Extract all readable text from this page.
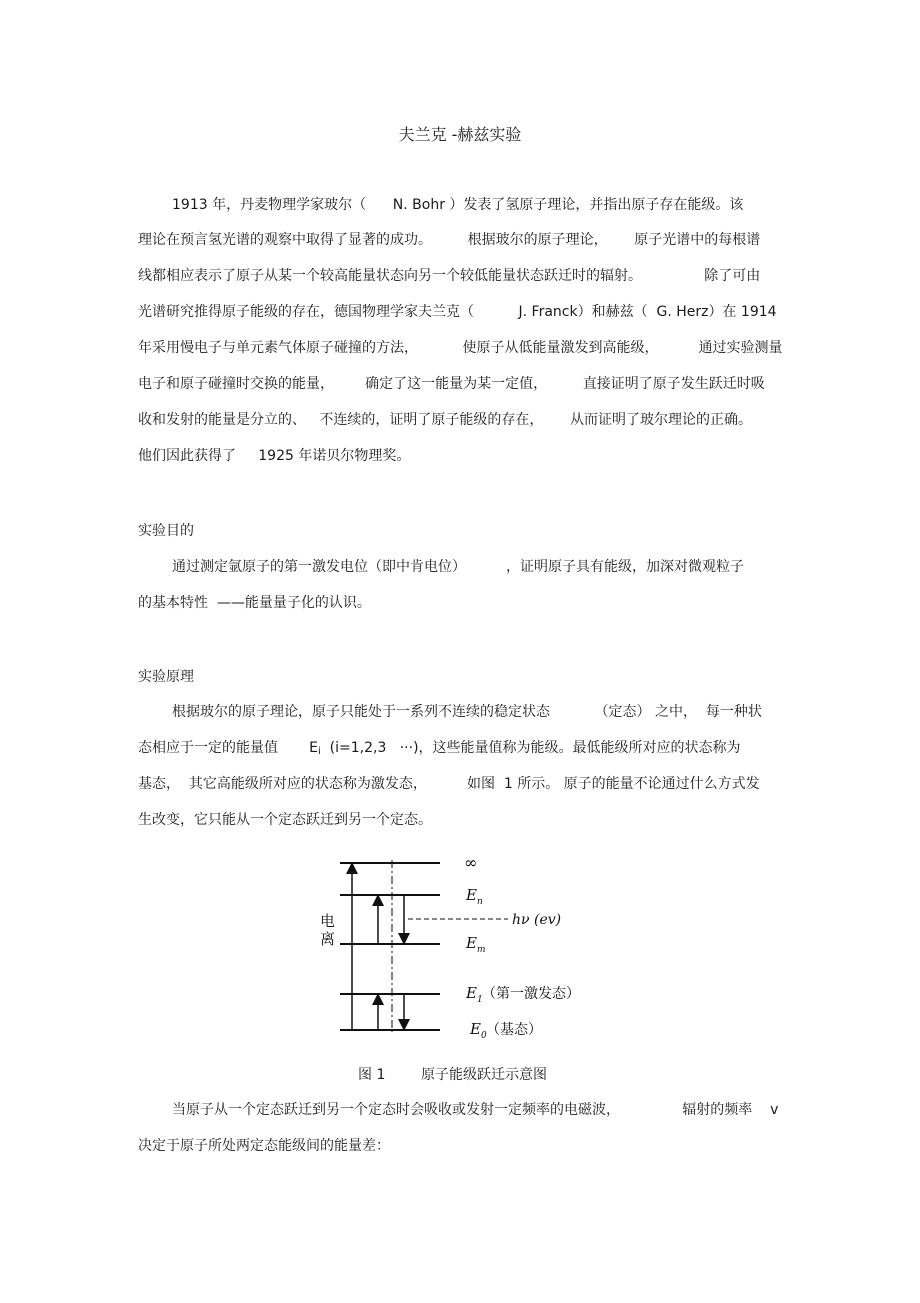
夫兰克 -赫兹实验
1913 年，丹麦物理学家玻尔（      N. Bohr ）发表了氢原子理论，并指出原子存在能级。该
理论在预言氢光谱的观察中取得了显著的成功。        根据玻尔的原子理论，      原子光谱中的每根谱
线都相应表示了原子从某一个较高能量状态向另一个较低能量状态跃迁时的辐射。              除了可由
光谱研究推得原子能级的存在，德国物理学家夫兰克（          J. Franck）和赫兹（  G. Herz）在 1914
年采用慢电子与单元素气体原子碰撞的方法，          使原子从低能量激发到高能级，         通过实验测量
电子和原子碰撞时交换的能量，       确定了这一能量为某一定值，        直接证明了原子发生跃迁时吸
收和发射的能量是分立的、   不连续的，证明了原子能级的存在，      从而证明了玻尔理论的正确。
他们因此获得了     1925 年诺贝尔物理奖。
实验目的
通过测定氩原子的第一激发电位（即中肯电位）         ，证明原子具有能级，加深对微观粒子
的基本特性  ——能量量子化的认识。
实验原理
根据玻尔的原子理论，原子只能处于一系列不连续的稳定状态          （定态） 之中，  每一种状
态相应于一定的能量值       $E_i$  (i=1,2,3   ···)，这些能量值称为能级。最低能级所对应的状态称为
基态，  其它高能级所对应的状态称为激发态，         如图  1 所示。 原子的能量不论通过什么方式发
生改变，它只能从一个定态跃迁到另一个定态。
电
离
∞
$E_n$
hν (ev)
$E_m$
$E_1$ （第一激发态）
$E_0$ （基态）
图 1        原子能级跃迁示意图
当原子从一个定态跃迁到另一个定态时会吸收或发射一定频率的电磁波，              辐射的频率    v
决定于原子所处两定态能级间的能量差：
